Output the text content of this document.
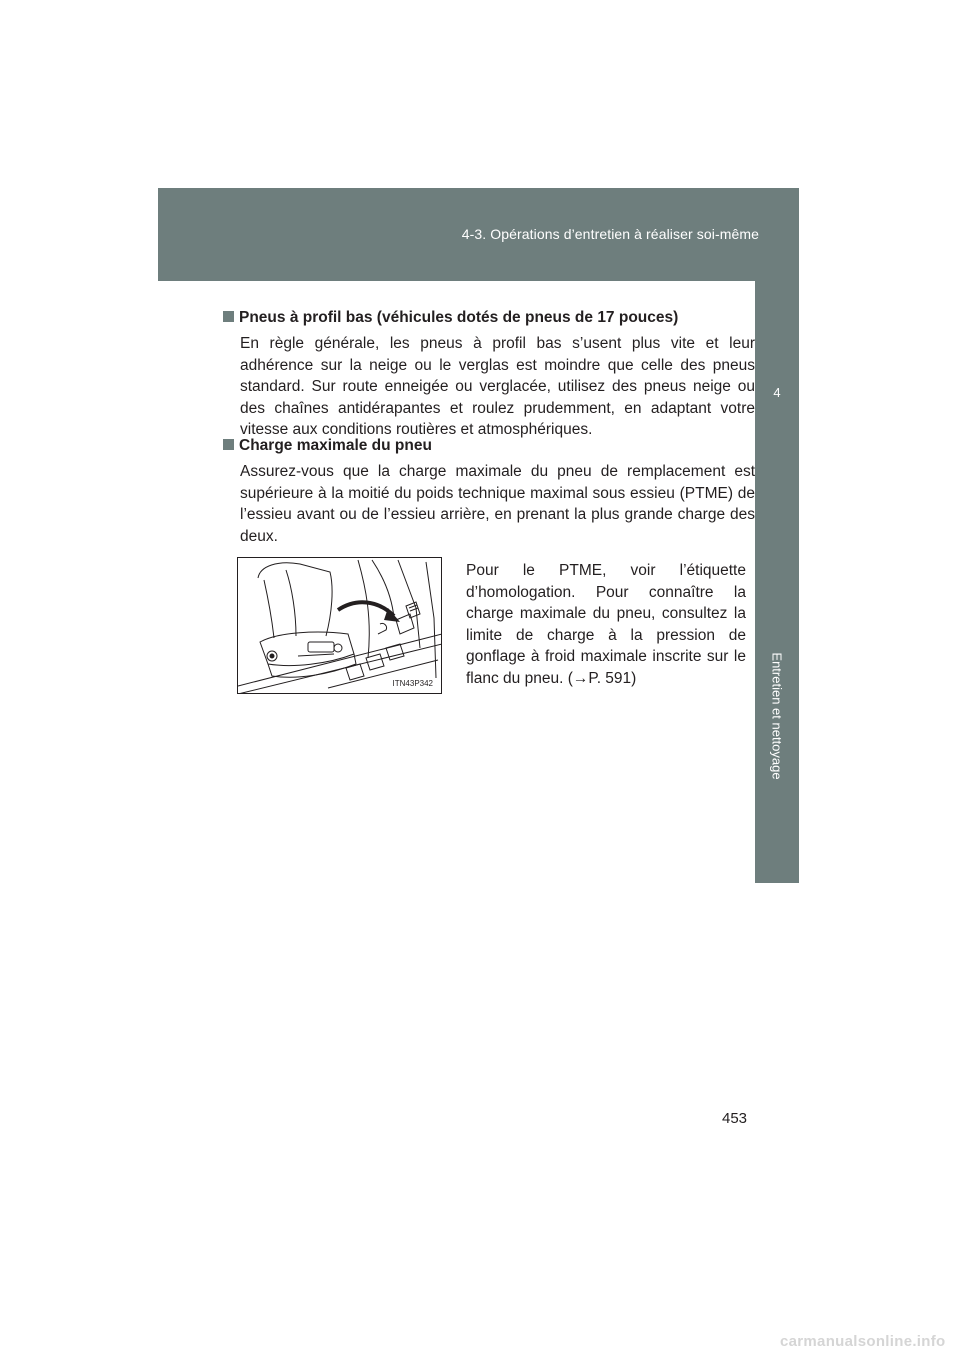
4-3. Opérations d’entretien à réaliser soi-même
4
Entretien et nettoyage
Pneus à profil bas (véhicules dotés de pneus de 17 pouces)

En règle générale, les pneus à profil bas s’usent plus vite et leur adhérence sur la neige ou le verglas est moindre que celle des pneus standard. Sur route enneigée ou verglacée, utilisez des pneus neige ou des chaînes antidérapantes et roulez prudemment, en adaptant votre vitesse aux conditions routières et atmosphériques.

Charge maximale du pneu

Assurez-vous que la charge maximale du pneu de remplacement est supérieure à la moitié du poids technique maximal sous essieu (PTME) de l’essieu avant ou de l’essieu arrière, en prenant la plus grande charge des deux.

ITN43P342

Pour le PTME, voir l’étiquette d’homologation. Pour connaître la charge maximale du pneu, consultez la limite de charge à la pression de gonflage à froid maximale inscrite sur le flanc du pneu. (→P. 591)

453
carmanualsonline.info
